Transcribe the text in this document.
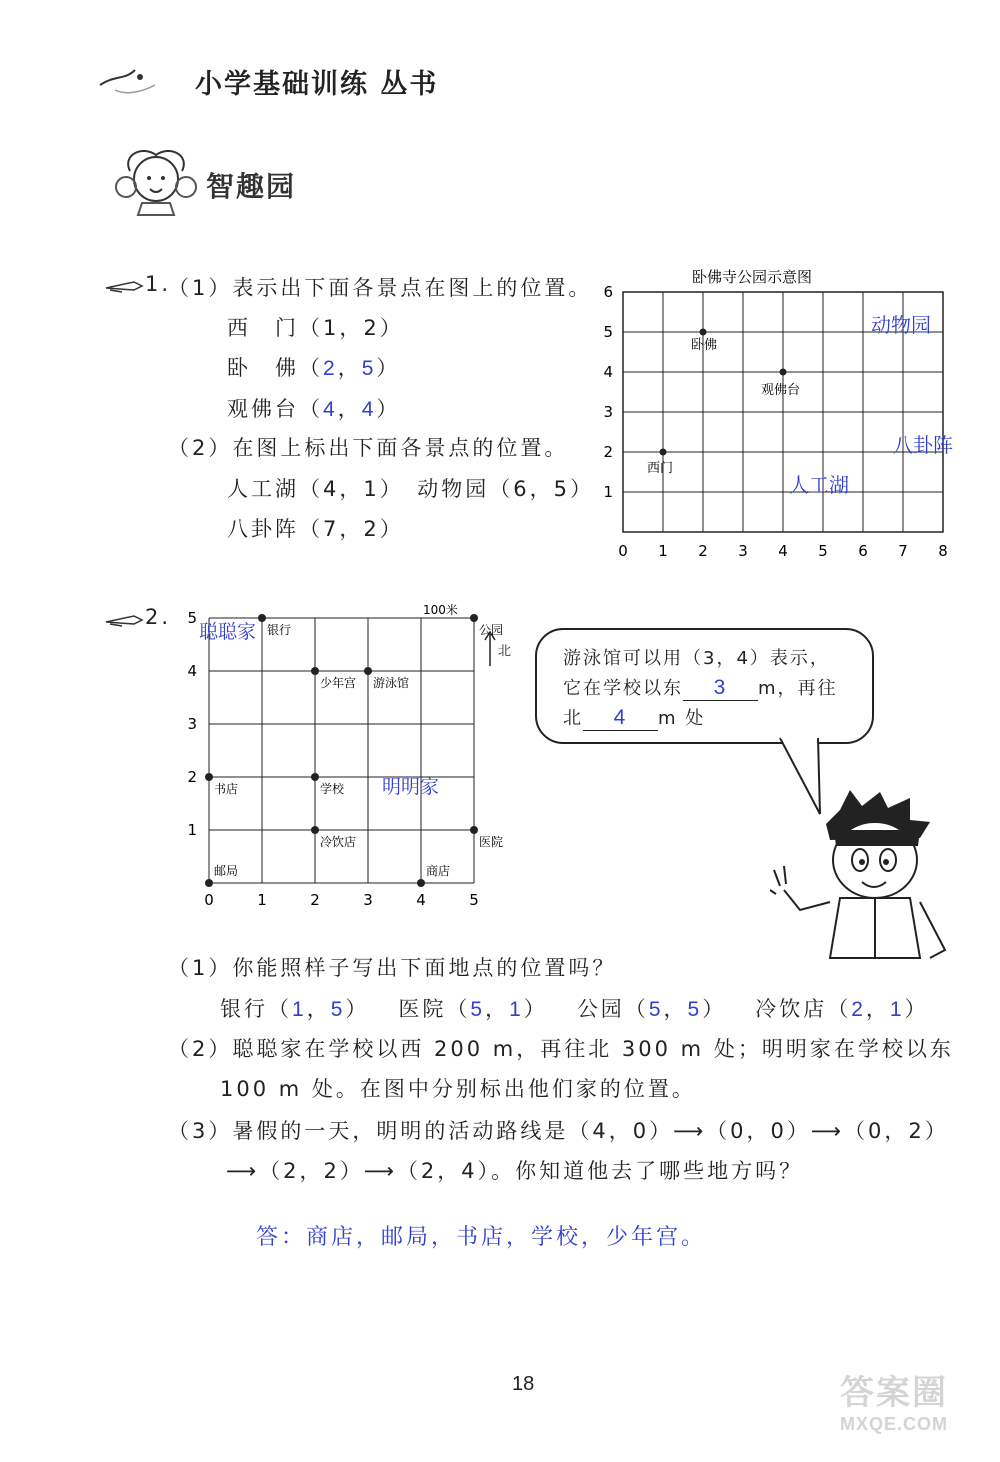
小学基础训练 丛书
智趣园
1.
（1）表示出下面各景点在图上的位置。
西　门（1，2）
卧　佛（2，5）
观佛台（4，4）
（2）在图上标出下面各景点的位置。
人工湖（4，1）　动物园（6，5）
八卦阵（7，2）
卧佛寺公园示意图
0 1 2 3 4 5 6 7 8
1
2
3
4
5
6
卧佛
观佛台
西门
动物园
八卦阵
人工湖
2.	100米
0	1	2	3	4	5
1
2
3
4
5
银行
少年宫 游泳馆
公园
书店	学校
冷饮店	医院
邮局	商店
聪聪家
明明家
北	游泳馆可以用（3，4）表示，
它在学校以东 3 m，再往
北 4 m 处
（1）你能照样子写出下面地点的位置吗？
银行（1，5） 医院（5，1） 公园（5，5） 冷饮店（2，1）
（2）聪聪家在学校以西 200 m，再往北 300 m 处；明明家在学校以东
100 m 处。在图中分别标出他们家的位置。
（3）暑假的一天，明明的活动路线是（4，0）⟶（0，0）⟶（0，2）
⟶（2，2）⟶（2，4）。你知道他去了哪些地方吗？
答：商店，邮局，书店，学校，少年宫。
18	答案圈
MXQE.COM
